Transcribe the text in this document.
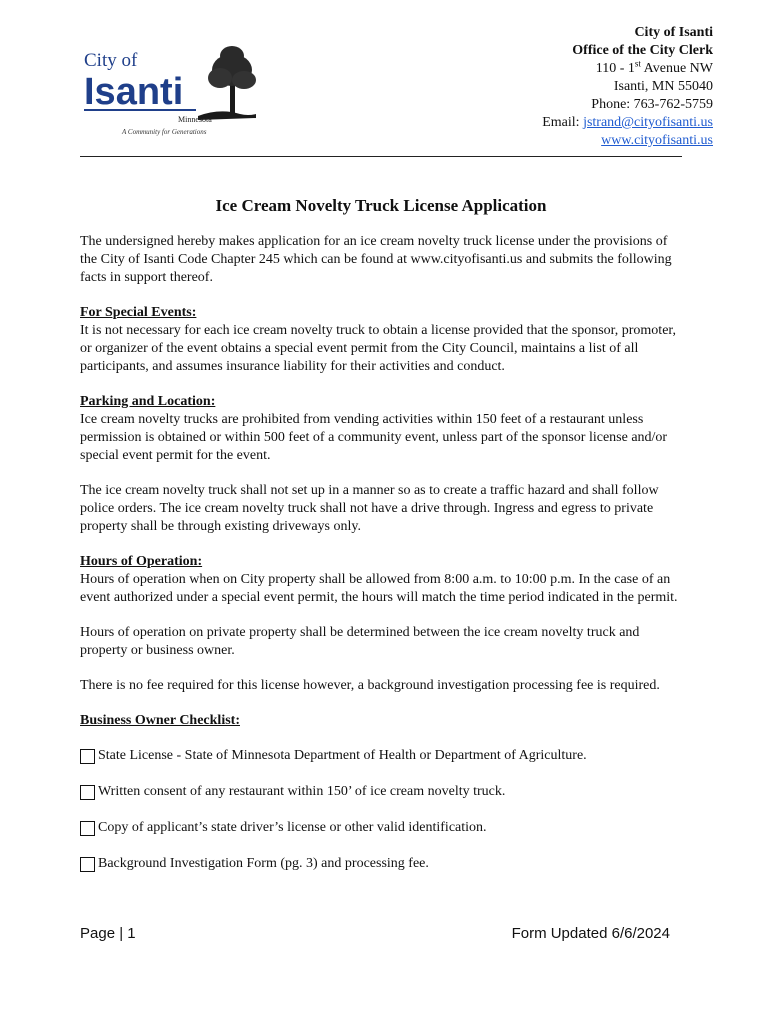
City of
Isanti
Minnesota
A Community for Generations
City of Isanti
Office of the City Clerk
110 - 1st Avenue NW
Isanti, MN 55040
Phone: 763-762-5759
Email: jstrand@cityofisanti.us
www.cityofisanti.us
Ice Cream Novelty Truck License Application

The undersigned hereby makes application for an ice cream novelty truck license under the provisions of the City of Isanti Code Chapter 245 which can be found at www.cityofisanti.us and submits the following facts in support thereof.

For Special Events:
It is not necessary for each ice cream novelty truck to obtain a license provided that the sponsor, promoter, or organizer of the event obtains a special event permit from the City Council, maintains a list of all participants, and assumes insurance liability for their activities and conduct.

Parking and Location:
Ice cream novelty trucks are prohibited from vending activities within 150 feet of a restaurant unless permission is obtained or within 500 feet of a community event, unless part of the sponsor license and/or special event permit for the event.

The ice cream novelty truck shall not set up in a manner so as to create a traffic hazard and shall follow police orders. The ice cream novelty truck shall not have a drive through. Ingress and egress to private property shall be through existing driveways only.

Hours of Operation:
Hours of operation when on City property shall be allowed from 8:00 a.m. to 10:00 p.m. In the case of an event authorized under a special event permit, the hours will match the time period indicated in the permit.

Hours of operation on private property shall be determined between the ice cream novelty truck and property or business owner.

There is no fee required for this license however, a background investigation processing fee is required.

Business Owner Checklist:

State License - State of Minnesota Department of Health or Department of Agriculture.
Written consent of any restaurant within 150’ of ice cream novelty truck.
Copy of applicant’s state driver’s license or other valid identification.
Background Investigation Form (pg. 3) and processing fee.
Page | 1	Form Updated 6/6/2024
